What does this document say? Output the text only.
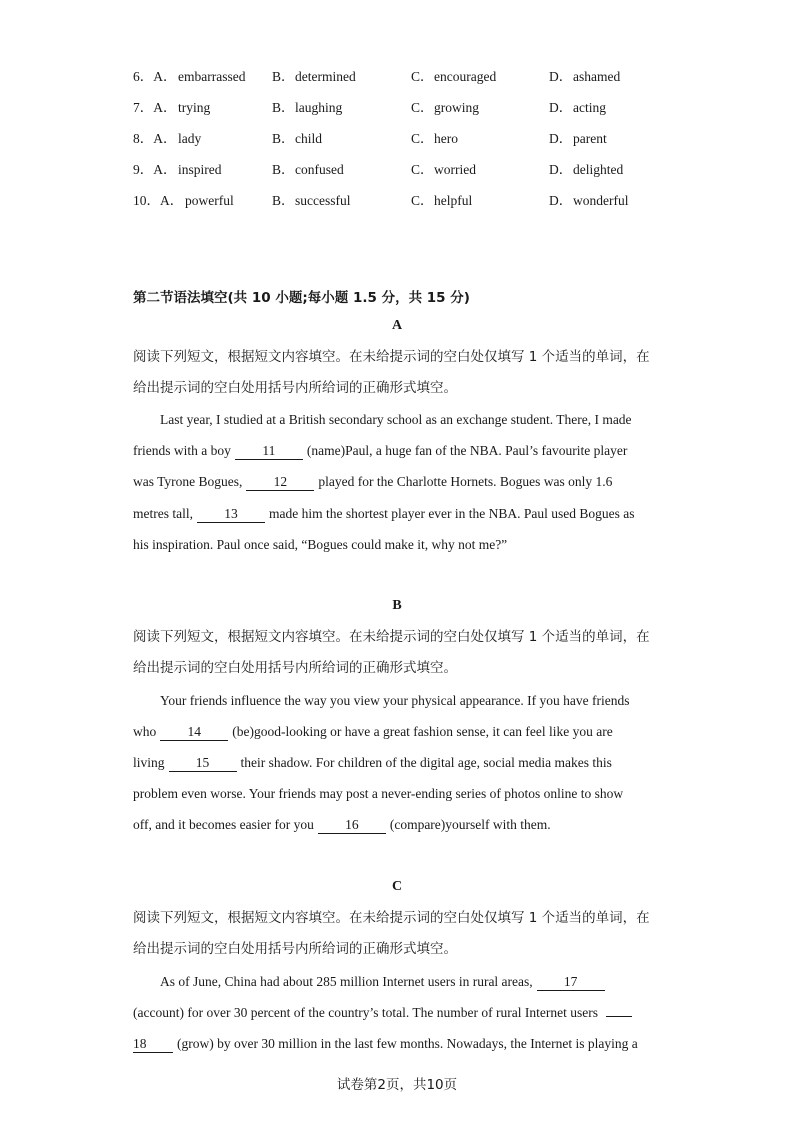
6．A． embarrassed B． determined	C． encouraged	D． ashamed
7．A． trying	B． laughing	C． growing	D． acting
8．A． lady	B． child	C． hero	D． parent
9．A． inspired	B． confused	C． worried	D． delighted
10．A． powerful	B． successful	C． helpful	D． wonderful
第二节语法填空(共 10 小题;每小题 1.5 分，共 15 分)
A
阅读下列短文，根据短文内容填空。在未给提示词的空白处仅填写 1 个适当的单词，在
给出提示词的空白处用括号内所给词的正确形式填空。
Last year, I studied at a British secondary school as an exchange student. There, I made
friends with a boy 11 (name)Paul, a huge fan of the NBA. Paul’s favourite player
was Tyrone Bogues, 12 played for the Charlotte Hornets. Bogues was only 1.6
metres tall, 13 made him the shortest player ever in the NBA. Paul used Bogues as
his inspiration. Paul once said, “Bogues could make it, why not me?”
B
阅读下列短文，根据短文内容填空。在未给提示词的空白处仅填写 1 个适当的单词，在
给出提示词的空白处用括号内所给词的正确形式填空。
Your friends influence the way you view your physical appearance. If you have friends
who 14 (be)good-looking or have a great fashion sense, it can feel like you are
living 15 their shadow. For children of the digital age, social media makes this
problem even worse. Your friends may post a never-ending series of photos online to show
off, and it becomes easier for you 16 (compare)yourself with them.
C
阅读下列短文，根据短文内容填空。在未给提示词的空白处仅填写 1 个适当的单词，在
给出提示词的空白处用括号内所给词的正确形式填空。
As of June, China had about 285 million Internet users in rural areas, 17
(account) for over 30 percent of the country’s total. The number of rural Internet users
18 (grow) by over 30 million in the last few months. Nowadays, the Internet is playing a
试卷第2页，共10页
